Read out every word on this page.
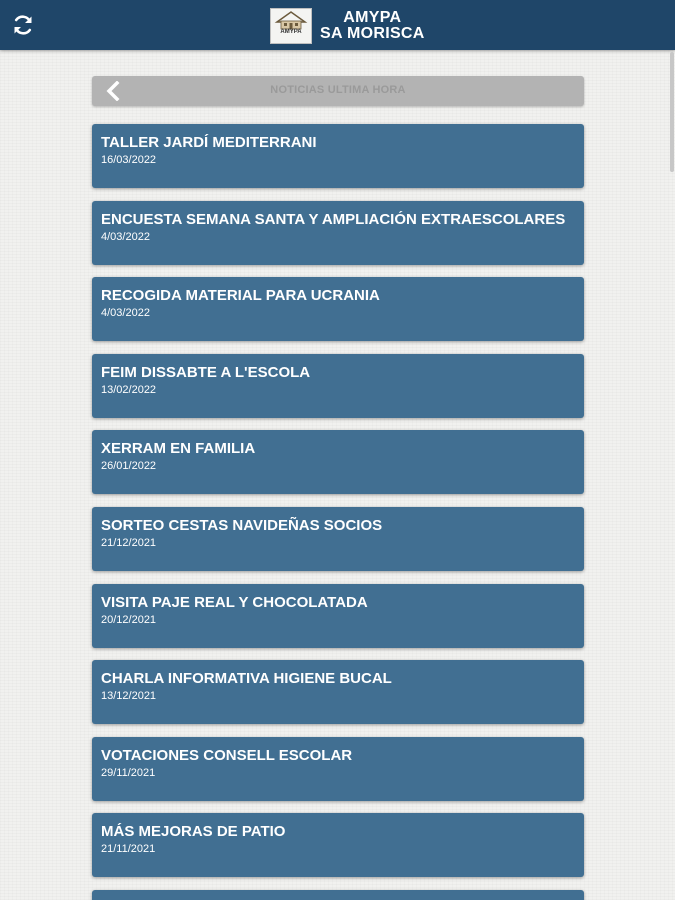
AMYPA
AMYPA
SA MORISCA
NOTICIAS ULTIMA HORA
TALLER JARDÍ MEDITERRANI
16/03/2022
ENCUESTA SEMANA SANTA Y AMPLIACIÓN EXTRAESCOLARES
4/03/2022
RECOGIDA MATERIAL PARA UCRANIA
4/03/2022
FEIM DISSABTE A L'ESCOLA
13/02/2022
XERRAM EN FAMILIA
26/01/2022
SORTEO CESTAS NAVIDEÑAS SOCIOS
21/12/2021
VISITA PAJE REAL Y CHOCOLATADA
20/12/2021
CHARLA INFORMATIVA HIGIENE BUCAL
13/12/2021
VOTACIONES CONSELL ESCOLAR
29/11/2021
MÁS MEJORAS DE PATIO
21/11/2021
